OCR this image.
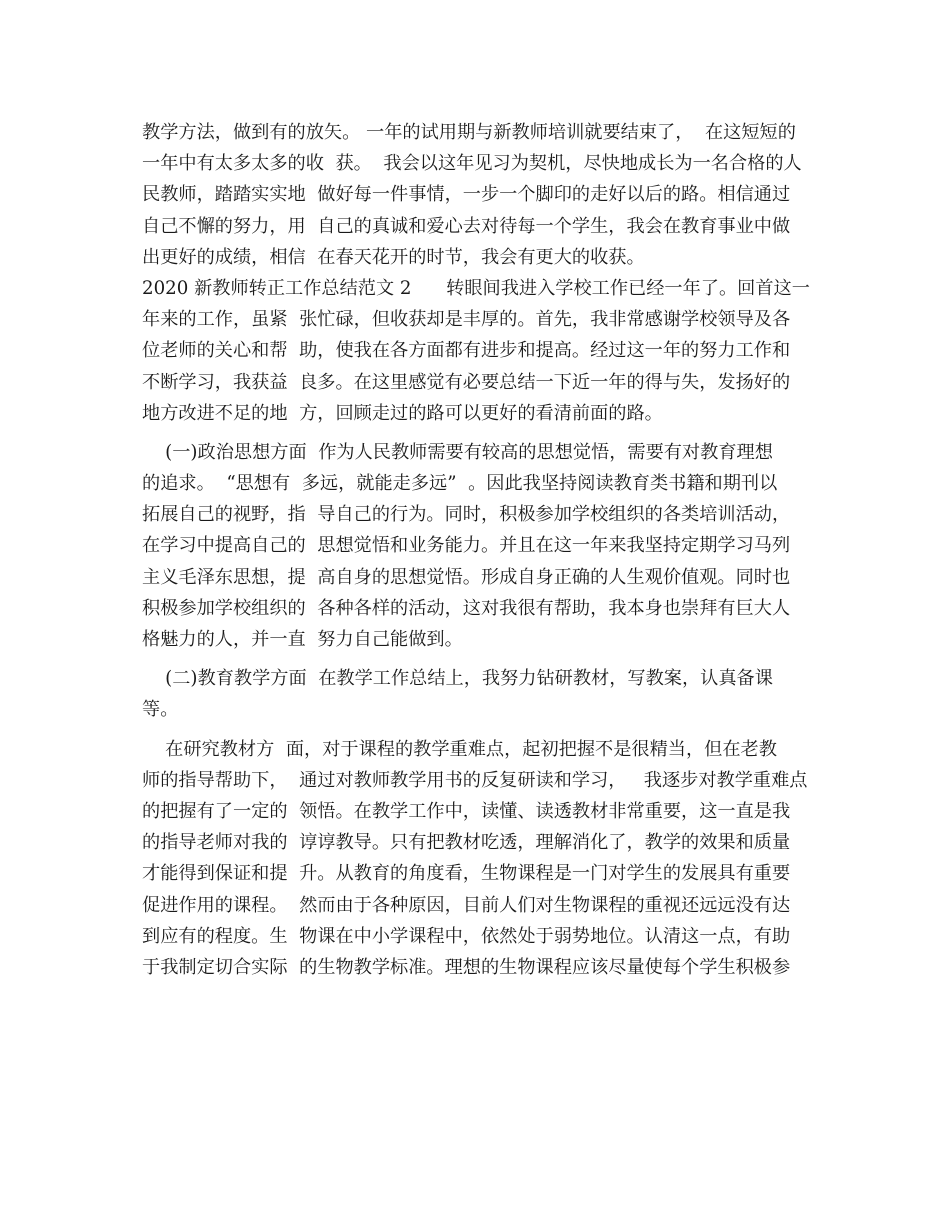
教学方法，做到有的放矢。 一年的试用期与新教师培训就要结束了，  在这短短的
一年中有太多太多的收  获。  我会以这年见习为契机，尽快地成长为一名合格的人
民教师，踏踏实实地  做好每一件事情，一步一个脚印的走好以后的路。相信通过
自己不懈的努力，用  自己的真诚和爱心去对待每一个学生，我会在教育事业中做
出更好的成绩，相信  在春天花开的时节，我会有更大的收获。
2020 新教师转正工作总结范文 2      转眼间我进入学校工作已经一年了。回首这一
年来的工作，虽紧  张忙碌，但收获却是丰厚的。首先，我非常感谢学校领导及各
位老师的关心和帮  助，使我在各方面都有进步和提高。经过这一年的努力工作和
不断学习，我获益  良多。在这里感觉有必要总结一下近一年的得与失，发扬好的
地方改进不足的地  方，回顾走过的路可以更好的看清前面的路。
(一)政治思想方面  作为人民教师需要有较高的思想觉悟，需要有对教育理想
的追求。  “思想有  多远，就能走多远”  。因此我坚持阅读教育类书籍和期刊以
拓展自己的视野，指  导自己的行为。同时，积极参加学校组织的各类培训活动，
在学习中提高自己的  思想觉悟和业务能力。并且在这一年来我坚持定期学习马列
主义毛泽东思想，提  高自身的思想觉悟。形成自身正确的人生观价值观。同时也
积极参加学校组织的  各种各样的活动，这对我很有帮助，我本身也崇拜有巨大人
格魅力的人，并一直  努力自己能做到。
(二)教育教学方面  在教学工作总结上，我努力钻研教材，写教案，认真备课
等。
在研究教材方  面，对于课程的教学重难点，起初把握不是很精当，但在老教
师的指导帮助下，  通过对教师教学用书的反复研读和学习，   我逐步对教学重难点
的把握有了一定的  领悟。在教学工作中，读懂、读透教材非常重要，这一直是我
的指导老师对我的  谆谆教导。只有把教材吃透，理解消化了，教学的效果和质量
才能得到保证和提  升。从教育的角度看，生物课程是一门对学生的发展具有重要
促进作用的课程。  然而由于各种原因，目前人们对生物课程的重视还远远没有达
到应有的程度。生  物课在中小学课程中，依然处于弱势地位。认清这一点，有助
于我制定切合实际  的生物教学标准。理想的生物课程应该尽量使每个学生积极参
